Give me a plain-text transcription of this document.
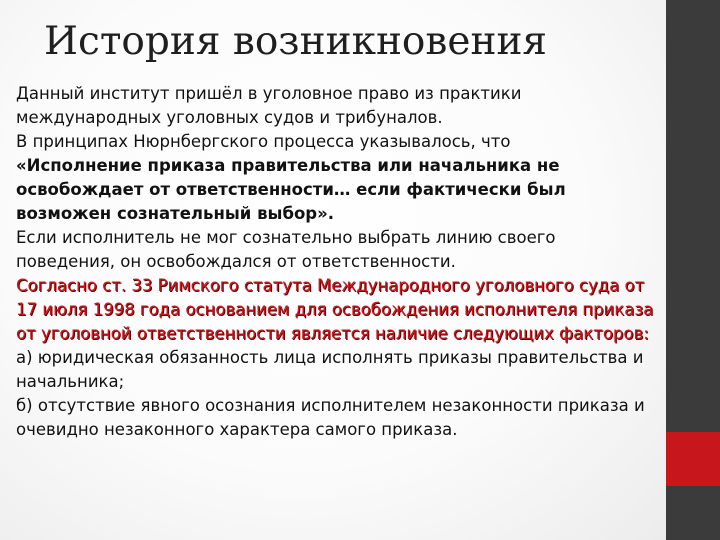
История возникновения

Данный институт пришёл в уголовное право из практики международных уголовных судов и трибуналов.

В принципах Нюрнбергского процесса указывалось, что

«Исполнение приказа правительства или начальника не освобождает от ответственности… если фактически был возможен сознательный выбор».

Если исполнитель не мог сознательно выбрать линию своего поведения, он освобождался от ответственности.

Согласно ст. 33 Римского статута Международного уголовного суда от 17 июля 1998 года основанием для освобождения исполнителя приказа от уголовной ответственности является наличие следующих факторов:

а) юридическая обязанность лица исполнять приказы правительства и начальника;

б) отсутствие явного осознания исполнителем незаконности приказа и очевидно незаконного характера самого приказа.
